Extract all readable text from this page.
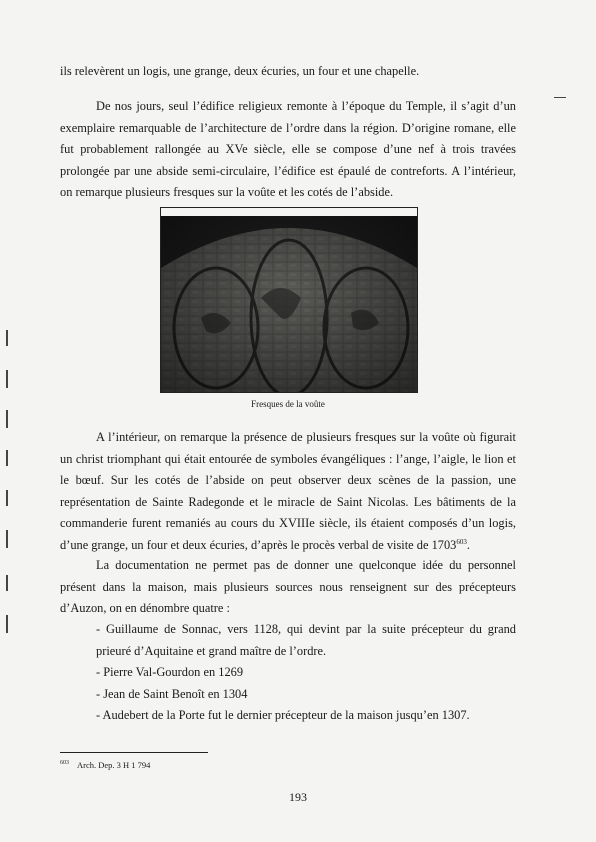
ils relevèrent un logis, une grange, deux écuries, un four et une chapelle.
De nos jours, seul l’édifice religieux remonte à l’époque du Temple, il s’agit d’un exemplaire remarquable de l’architecture de l’ordre dans la région. D’origine romane, elle fut probablement rallongée au XVe siècle, elle se compose d’une nef à trois travées prolongée par une abside semi-circulaire, l’édifice est épaulé de contreforts. A l’intérieur, on remarque plusieurs fresques sur la voûte et les cotés de l’abside.
Fresques de la voûte
A l’intérieur, on remarque la présence de plusieurs fresques sur la voûte où figurait un christ triomphant qui était entourée de symboles évangéliques : l’ange, l’aigle, le lion et le bœuf. Sur les cotés de l’abside on peut observer deux scènes de la passion, une représentation de Sainte Radegonde et le miracle de Saint Nicolas. Les bâtiments de la commanderie furent remaniés au cours du XVIIIe siècle, ils étaient composés d’un logis, d’une grange, un four et deux écuries, d’après le procès verbal de visite de 1703$^{603}$.
La documentation ne permet pas de donner une quelconque idée du personnel présent dans la maison, mais plusieurs sources nous renseignent sur des précepteurs d’Auzon, on en dénombre quatre :

- Guillaume de Sonnac, vers 1128, qui devint par la suite précepteur du grand prieuré d’Aquitaine et grand maître de l’ordre.

- Pierre Val-Gourdon en 1269

- Jean de Saint Benoît en 1304

- Audebert de la Porte fut le dernier précepteur de la maison jusqu’en 1307.

$^{603}$ Arch. Dep. 3 H 1 794
193
